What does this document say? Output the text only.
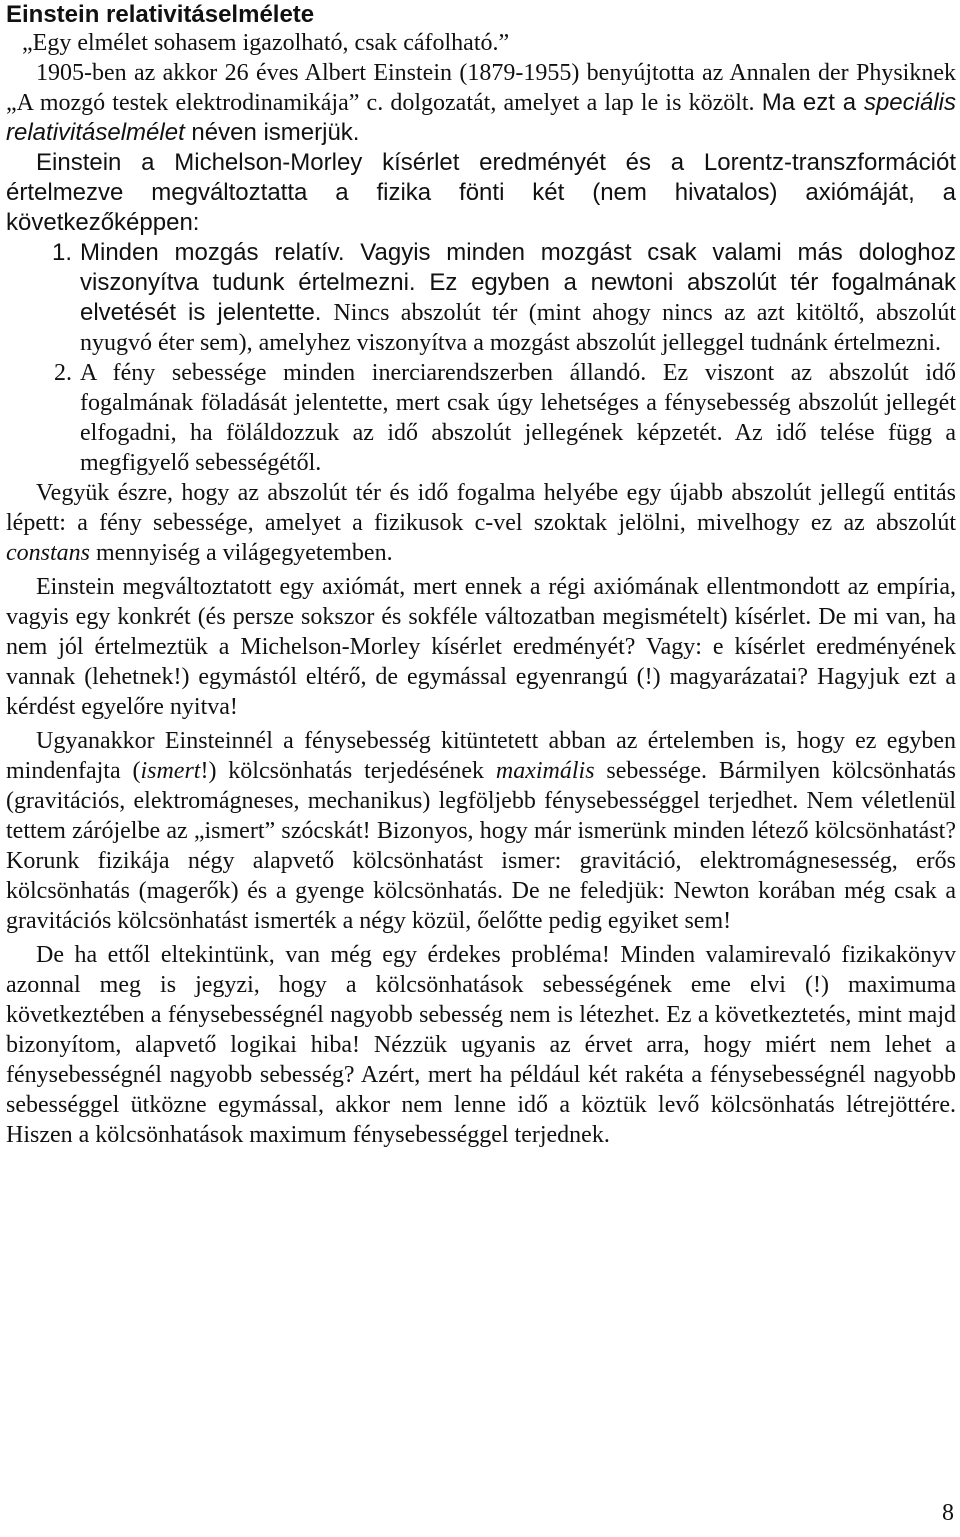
Einstein relativitáselmélete

„Egy elmélet sohasem igazolható, csak cáfolható.”

1905-ben az akkor 26 éves Albert Einstein (1879-1955) benyújtotta az Annalen der Physiknek „A mozgó testek elektrodinamikája” c. dolgozatát, amelyet a lap le is közölt. Ma ezt a speciális relativitáselmélet néven ismerjük.

Einstein a Michelson-Morley kísérlet eredményét és a Lorentz-transzformációt értelmezve megváltoztatta a fizika fönti két (nem hivatalos) axiómáját, a következőképpen:

1. Minden mozgás relatív. Vagyis minden mozgást csak valami más dologhoz viszonyítva tudunk értelmezni. Ez egyben a newtoni abszolút tér fogalmának elvetését is jelentette. Nincs abszolút tér (mint ahogy nincs az azt kitöltő, abszolút nyugvó éter sem), amelyhez viszonyítva a mozgást abszolút jelleggel tudnánk értelmezni.
2. A fény sebessége minden inerciarendszerben állandó. Ez viszont az abszolút idő fogalmának föladását jelentette, mert csak úgy lehetséges a fénysebesség abszolút jellegét elfogadni, ha föláldozzuk az idő abszolút jellegének képzetét. Az idő telése függ a megfigyelő sebességétől.

Vegyük észre, hogy az abszolút tér és idő fogalma helyébe egy újabb abszolút jellegű entitás lépett: a fény sebessége, amelyet a fizikusok c-vel szoktak jelölni, mivelhogy ez az abszolút constans mennyiség a világegyetemben.

Einstein megváltoztatott egy axiómát, mert ennek a régi axiómának ellentmondott az empíria, vagyis egy konkrét (és persze sokszor és sokféle változatban megismételt) kísérlet. De mi van, ha nem jól értelmeztük a Michelson-Morley kísérlet eredményét? Vagy: e kísérlet eredményének vannak (lehetnek!) egymástól eltérő, de egymással egyenrangú (!) magyarázatai? Hagyjuk ezt a kérdést egyelőre nyitva!

Ugyanakkor Einsteinnél a fénysebesség kitüntetett abban az értelemben is, hogy ez egyben mindenfajta (ismert!) kölcsönhatás terjedésének maximális sebessége. Bármilyen kölcsönhatás (gravitációs, elektromágneses, mechanikus) legföljebb fénysebességgel terjedhet. Nem véletlenül tettem zárójelbe az „ismert” szócskát! Bizonyos, hogy már ismerünk minden létező kölcsönhatást? Korunk fizikája négy alapvető kölcsönhatást ismer: gravitáció, elektromágnesesség, erős kölcsönhatás (magerők) és a gyenge kölcsönhatás. De ne feledjük: Newton korában még csak a gravitációs kölcsönhatást ismerték a négy közül, őelőtte pedig egyiket sem!

De ha ettől eltekintünk, van még egy érdekes probléma! Minden valamirevaló fizikakönyv azonnal meg is jegyzi, hogy a kölcsönhatások sebességének eme elvi (!) maximuma következtében a fénysebességnél nagyobb sebesség nem is létezhet. Ez a következtetés, mint majd bizonyítom, alapvető logikai hiba! Nézzük ugyanis az érvet arra, hogy miért nem lehet a fénysebességnél nagyobb sebesség? Azért, mert ha például két rakéta a fénysebességnél nagyobb sebességgel ütközne egymással, akkor nem lenne idő a köztük levő kölcsönhatás létrejöttére. Hiszen a kölcsönhatások maximum fénysebességgel terjednek.

8
